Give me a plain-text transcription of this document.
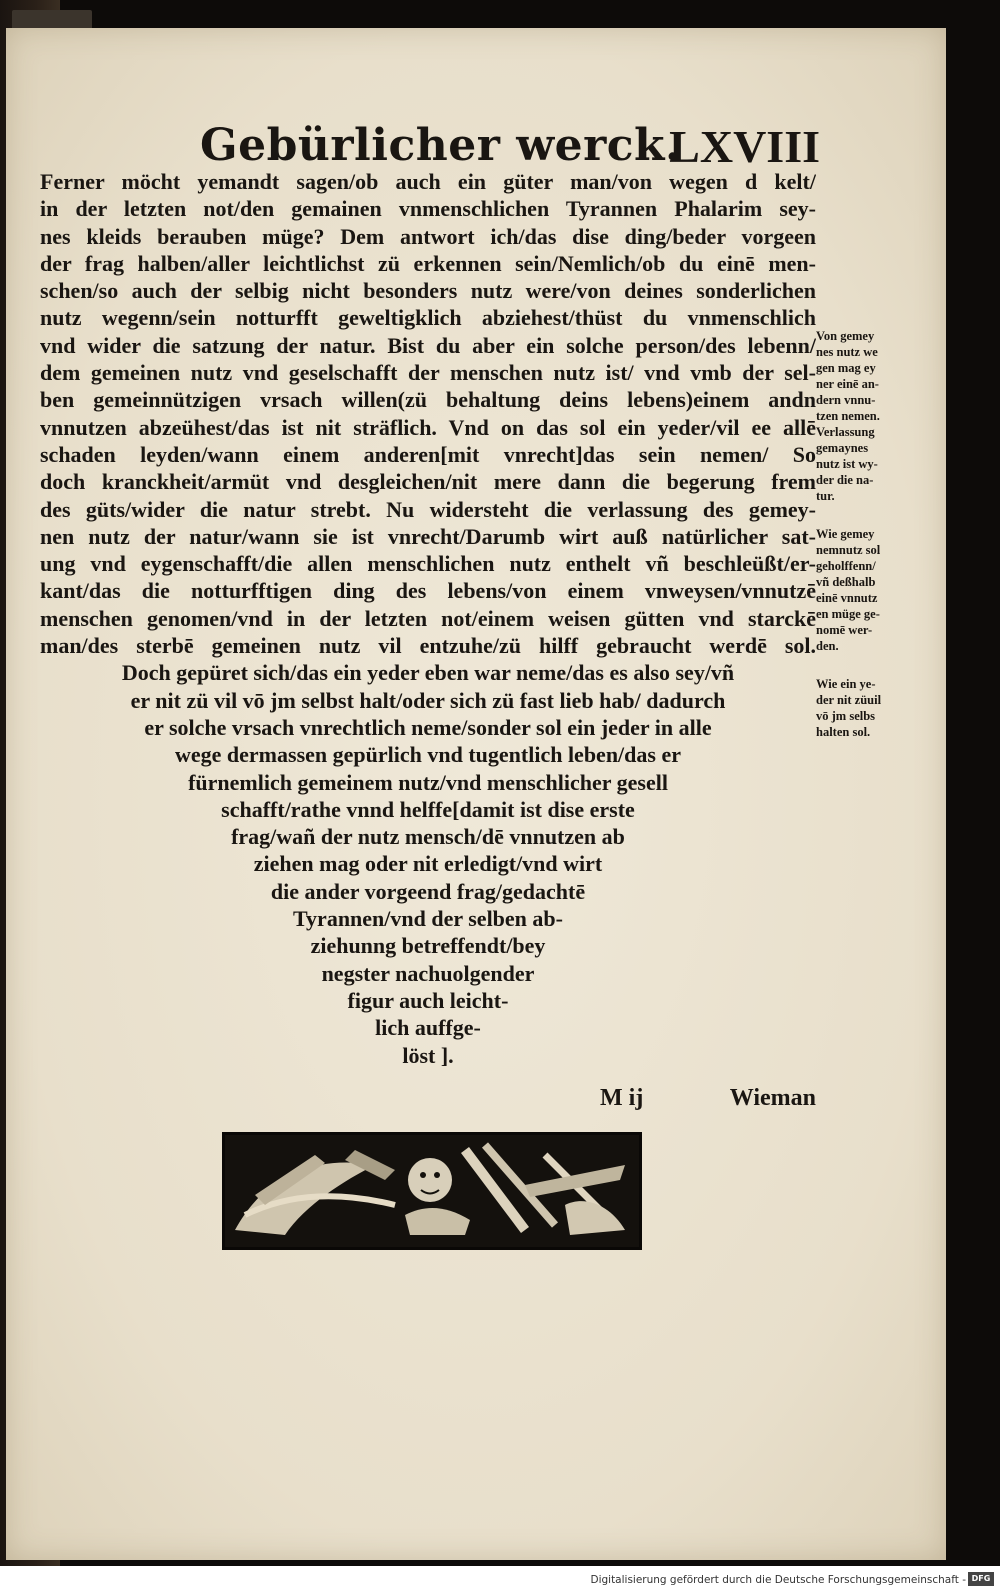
Gebürlicher werck.
LXVIII
Ferner möcht yemandt sagen/ob auch ein güter man/von wegen d kelt/
in der letzten not/den gemainen vnmenschlichen Tyrannen Phalarim sey-
nes kleids berauben müge? Dem antwort ich/das dise ding/beder vorgeen
der frag halben/aller leichtlichst zü erkennen sein/Nemlich/ob du einē men-
schen/so auch der selbig nicht besonders nutz were/von deines sonderlichen
nutz wegenn/sein notturfft geweltigklich abziehest/thüst du vnmenschlich
vnd wider die satzung der natur. Bist du aber ein solche person/des lebenn/
dem gemeinen nutz vnd geselschafft der menschen nutz ist/ vnd vmb der sel-
ben gemeinnützigen vrsach willen(zü behaltung deins lebens)einem andn
vnnutzen abzeühest/das ist nit sträflich. Vnd on das sol ein yeder/vil ee allē
schaden leyden/wann einem anderen[mit vnrecht]das sein nemen/ So
doch kranckheit/armüt vnd desgleichen/nit mere dann die begerung frem
des güts/wider die natur strebt. Nu widersteht die verlassung des gemey-
nen nutz der natur/wann sie ist vnrecht/Darumb wirt auß natürlicher sat-
ung vnd eygenschafft/die allen menschlichen nutz enthelt vñ beschleüßt/er-
kant/das die notturfftigen ding des lebens/von einem vnweysen/vnnutzē
menschen genomen/vnd in der letzten not/einem weisen gütten vnd starckē
man/des sterbē gemeinen nutz vil entzuhe/zü hilff gebraucht werdē sol.
Doch gepüret sich/das ein yeder eben war neme/das es also sey/vñ
er nit zü vil vō jm selbst halt/oder sich zü fast lieb hab/ dadurch
er solche vrsach vnrechtlich neme/sonder sol ein jeder in alle
wege dermassen gepürlich vnd tugentlich leben/das er
fürnemlich gemeinem nutz/vnd menschlicher gesell
schafft/rathe vnnd helffe[damit ist dise erste
frag/wañ der nutz mensch/dē vnnutzen ab
ziehen mag oder nit erledigt/vnd wirt
die ander vorgeend frag/gedachtē
Tyrannen/vnd der selben ab-
ziehunng betreffendt/bey
negster nachuolgender
figur auch leicht-
lich auffge-
löst ].
Von gemey
nes nutz we
gen mag ey
ner einē an-
dern vnnu-
tzen nemen.
Verlassung
gemaynes
nutz ist wy-
der die na-
tur.
Wie gemey
nemnutz sol
geholffenn/
vñ deßhalb
einē vnnutz
en müge ge-
nomē wer-
den.
Wie ein ye-
der nit züuil
vō jm selbs
halten sol.
M ij	Wieman
Digitalisierung gefördert durch die Deutsche Forschungsgemeinschaft - DFG
